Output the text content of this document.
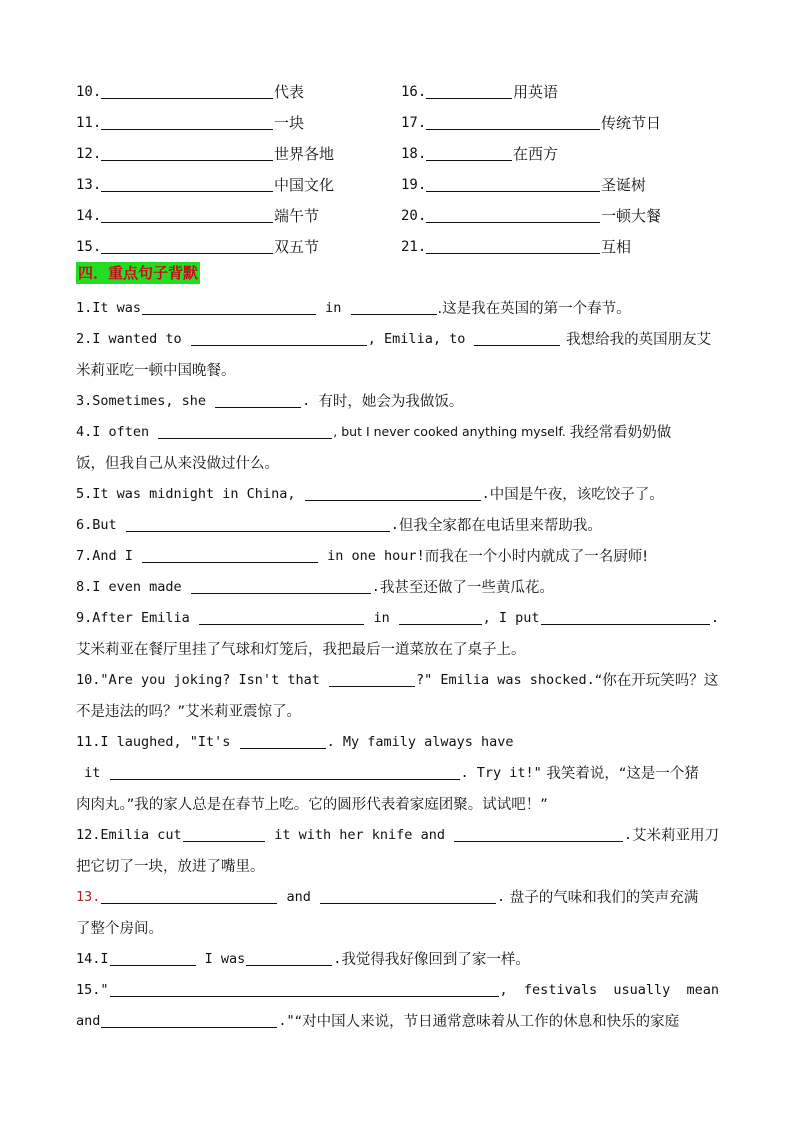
10.	代表	16.	用英语
11.	一块	17.	传统节日
12.	世界各地	18.	在西方
13.	中国文化	19.	圣诞树
14.	端午节	20.	一顿大餐
15.	双五节	21.	互相
四．重点句子背默
1.It was	in	.这是我在英国的第一个春节。
2.I wanted to	, Emilia, to	我想给我的英国朋友艾
米莉亚吃一顿中国晚餐。
3.Sometimes, she	. 有时，她会为我做饭。
4.I often	, but I never cooked anything myself. 我经常看奶奶做
饭，但我自己从来没做过什么。
5.It was midnight in China,	. 中国是午夜，该吃饺子了。
6.But	. 但我全家都在电话里来帮助我。
7.And I	in one hour! 而我在一个小时内就成了一名厨师!
8.I even made	. 我甚至还做了一些黄瓜花。
9.After Emilia	in	, I put	.
艾米莉亚在餐厅里挂了气球和灯笼后，我把最后一道菜放在了桌子上。
10."Are you joking? Isn't that	?" Emilia was shocked. “你在开玩笑吗？这
不是违法的吗？”艾米莉亚震惊了。
11.I laughed, "It's	. My family always have
it	. Try it!" 我笑着说，“这是一个猪
肉肉丸。”我的家人总是在春节上吃。它的圆形代表着家庭团聚。试试吧！”
12.Emilia cut	it with her knife and	. 艾米莉亚用刀
把它切了一块，放进了嘴里。
13.	and	. 盘子的气味和我们的笑声充满
了整个房间。
14.I	I was	. 我觉得我好像回到了家一样。
15."	,  festivals  usually  mean
and	." “对中国人来说，节日通常意味着从工作的休息和快乐的家庭
